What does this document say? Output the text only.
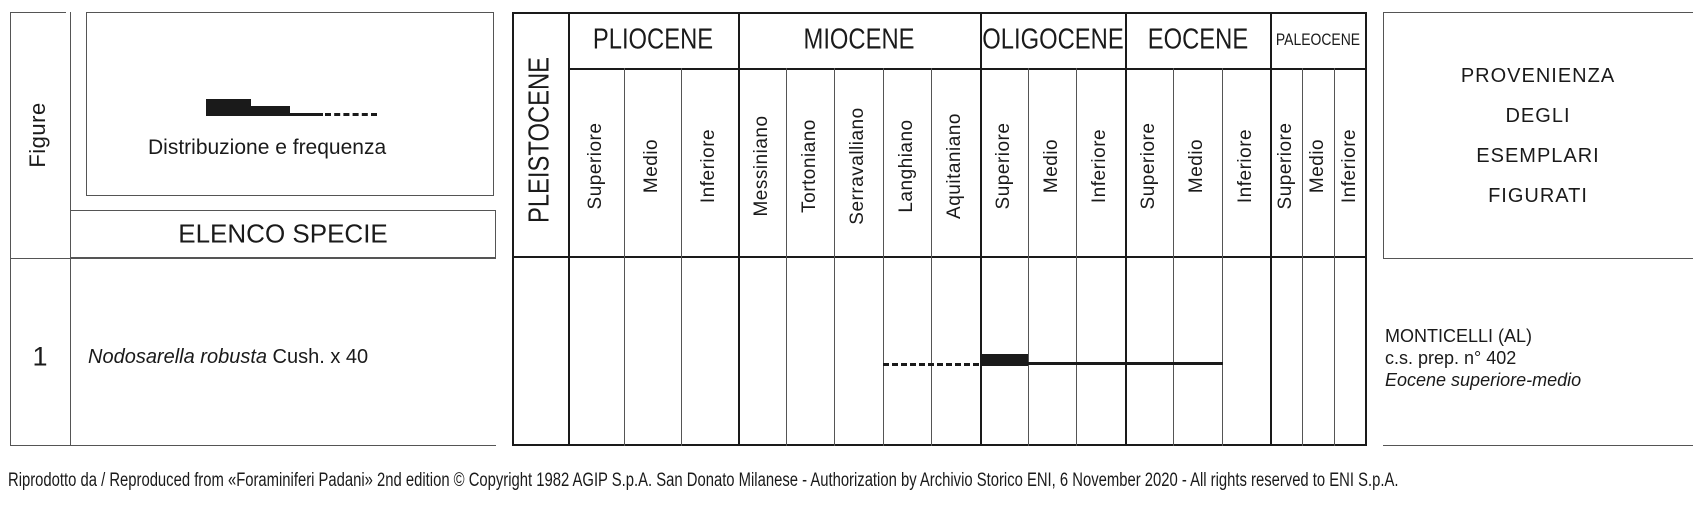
Figure	Distribuzione e frequenza
ELENCO SPECIE
1 Nodosarella robusta Cush. x 40
PLEISTOCENE
PLIOCENE	MIOCENE OLIGOCENE EOCENE PALEOCENE
Superiore Medio Inferiore Messiniano Tortoniano Serravalliano Langhiano Aquitaniano Superiore Medio Inferiore Superiore Medio Inferiore Superiore Medio Inferiore
PROVENIENZA
DEGLI
ESEMPLARI
FIGURATI
MONTICELLI (AL)
c.s. prep. n° 402
Eocene superiore-medio
Riprodotto da / Reproduced from «Foraminiferi Padani» 2nd edition © Copyright 1982 AGIP S.p.A. San Donato Milanese - Authorization by Archivio Storico ENI, 6 November 2020 - All rights reserved to ENI S.p.A.
